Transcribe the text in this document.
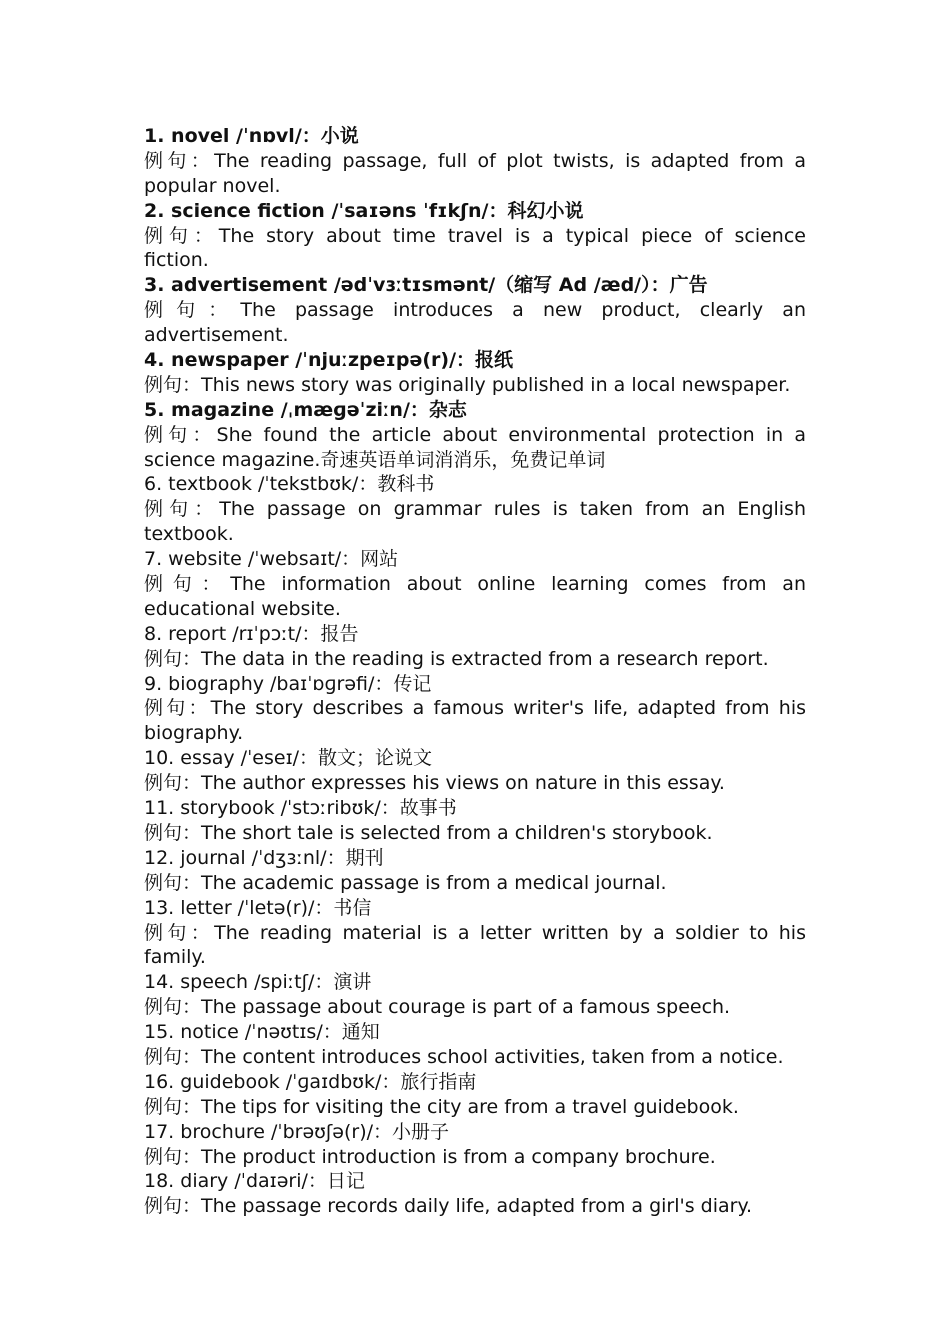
1. novel /ˈnɒvl/：小说
例句：The reading passage, full of plot twists, is adapted from a
popular novel.
2. science fiction /ˈsaɪəns ˈfɪkʃn/：科幻小说
例句：The story about time travel is a typical piece of science
fiction.
3. advertisement /ədˈvɜːtɪsmənt/（缩写 Ad /æd/）：广告
例句：The passage introduces a new product, clearly an
advertisement.
4. newspaper /ˈnjuːzpeɪpə(r)/：报纸
例句：This news story was originally published in a local newspaper.
5. magazine /ˌmæɡəˈziːn/：杂志
例句：She found the article about environmental protection in a
science magazine.奇速英语单词消消乐，免费记单词
6. textbook /ˈtekstbʊk/：教科书
例句：The passage on grammar rules is taken from an English
textbook.
7. website /ˈwebsaɪt/：网站
例句：The information about online learning comes from an
educational website.
8. report /rɪˈpɔːt/：报告
例句：The data in the reading is extracted from a research report.
9. biography /baɪˈɒɡrəfi/：传记
例句：The story describes a famous writer's life, adapted from his
biography.
10. essay /ˈeseɪ/：散文；论说文
例句：The author expresses his views on nature in this essay.
11. storybook /ˈstɔːribʊk/：故事书
例句：The short tale is selected from a children's storybook.
12. journal /ˈdʒɜːnl/：期刊
例句：The academic passage is from a medical journal.
13. letter /ˈletə(r)/：书信
例句：The reading material is a letter written by a soldier to his
family.
14. speech /spiːtʃ/：演讲
例句：The passage about courage is part of a famous speech.
15. notice /ˈnəʊtɪs/：通知
例句：The content introduces school activities, taken from a notice.
16. guidebook /ˈɡaɪdbʊk/：旅行指南
例句：The tips for visiting the city are from a travel guidebook.
17. brochure /ˈbrəʊʃə(r)/：小册子
例句：The product introduction is from a company brochure.
18. diary /ˈdaɪəri/：日记
例句：The passage records daily life, adapted from a girl's diary.
